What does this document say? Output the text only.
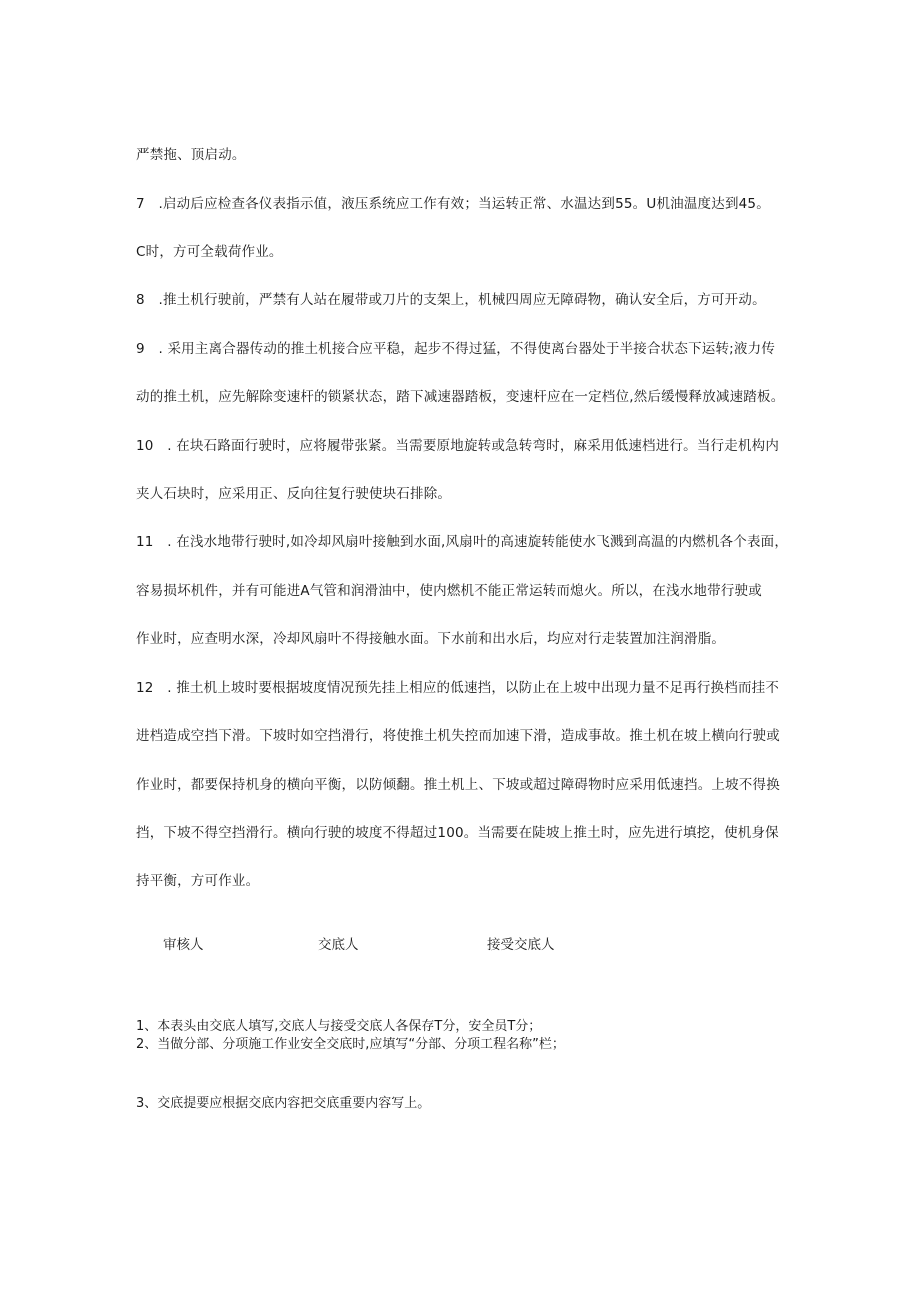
严禁拖、顶启动。
7　.启动后应检查各仪表指示值，液压系统应工作有效；当运转正常、水温达到55。U机油温度达到45。
C时，方可全载荷作业。
8　.推土机行驶前，严禁有人站在履带或刀片的支架上，机械四周应无障碍物，确认安全后，方可开动。
9　. 采用主离合器传动的推土机接合应平稳，起步不得过猛，不得使离台器处于半接合状态下运转;液力传
动的推土机，应先解除变速杆的锁紧状态，踏下减速器踏板，变速杆应在一定档位,然后缓慢释放减速踏板。
10　. 在块石路面行驶时，应将履带张紧。当需要原地旋转或急转弯时，麻采用低速档进行。当行走机构内
夹人石块时，应采用正、反向往复行驶使块石排除。
11　. 在浅水地带行驶时,如冷却风扇叶接触到水面,风扇叶的高速旋转能使水飞溅到高温的内燃机各个表面，
容易损坏机件，并有可能进A气管和润滑油中，使内燃机不能正常运转而熄火。所以，在浅水地带行驶或
作业时，应查明水深，冷却风扇叶不得接触水面。下水前和出水后，均应对行走装置加注润滑脂。
12　. 推土机上坡时要根据坡度情况预先挂上相应的低速挡，以防止在上坡中出现力量不足再行换档而挂不
进档造成空挡下滑。下坡时如空挡滑行，将使推土机失控而加速下滑，造成事故。推土机在坡上横向行驶或
作业时，都要保持机身的横向平衡，以防倾翻。推土机上、下坡或超过障碍物时应采用低速挡。上坡不得换
挡，下坡不得空挡滑行。横向行驶的坡度不得超过100。当需要在陡坡上推土时，应先进行填挖，使机身保
持平衡，方可作业。
审核人	交底人	接受交底人
1、本表头由交底人填写,交底人与接受交底人各保存T分，安全员T分；
2、当做分部、分项施工作业安全交底时,应填写“分部、分项工程名称”栏；
3、交底提要应根据交底内容把交底重要内容写上。
